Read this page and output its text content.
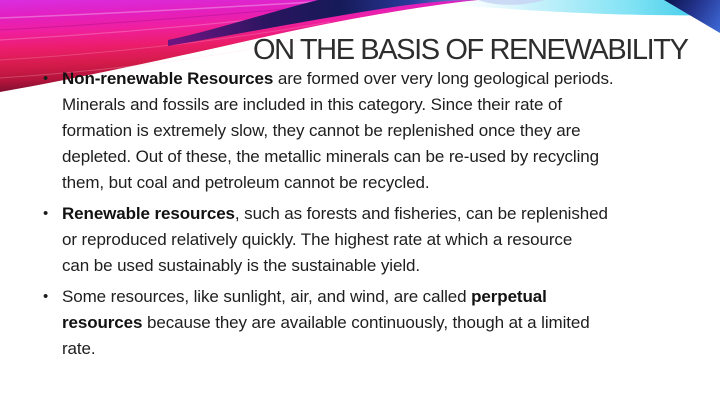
ON THE BASIS OF RENEWABILITY
• Non-renewable Resources are formed over very long geological periods.
Minerals and fossils are included in this category. Since their rate of
formation is extremely slow, they cannot be replenished once they are
depleted. Out of these, the metallic minerals can be re-used by recycling
them, but coal and petroleum cannot be recycled.
• Renewable resources, such as forests and fisheries, can be replenished
or reproduced relatively quickly. The highest rate at which a resource
can be used sustainably is the sustainable yield.
• Some resources, like sunlight, air, and wind, are called perpetual
resources because they are available continuously, though at a limited
rate.
